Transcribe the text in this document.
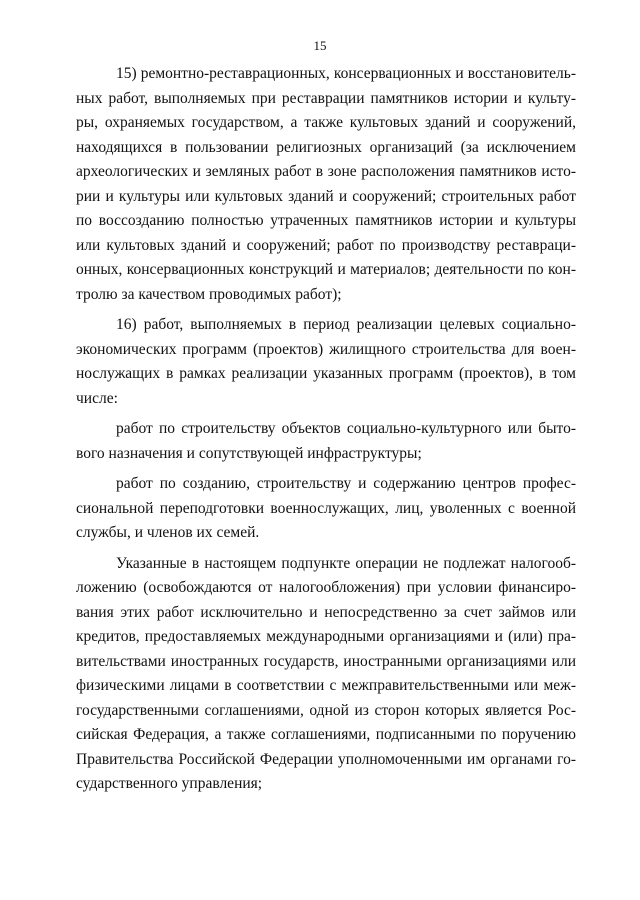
15

15) ремонтно-реставрационных, консервационных и восстановитель-
ных работ, выполняемых при реставрации памятников истории и культу-
ры, охраняемых государством, а также культовых зданий и сооружений,
находящихся в пользовании религиозных организаций (за исключением
археологических и земляных работ в зоне расположения памятников исто-
рии и культуры или культовых зданий и сооружений; строительных работ
по воссозданию полностью утраченных памятников истории и культуры
или культовых зданий и сооружений; работ по производству реставраци-
онных, консервационных конструкций и материалов; деятельности по кон-
тролю за качеством проводимых работ);

16) работ, выполняемых в период реализации целевых социально-
экономических программ (проектов) жилищного строительства для воен-
нослужащих в рамках реализации указанных программ (проектов), в том
числе:

работ по строительству объектов социально-культурного или быто-
вого назначения и сопутствующей инфраструктуры;

работ по созданию, строительству и содержанию центров профес-
сиональной переподготовки военнослужащих, лиц, уволенных с военной
службы, и членов их семей.

Указанные в настоящем подпункте операции не подлежат налогооб-
ложению (освобождаются от налогообложения) при условии финансиро-
вания этих работ исключительно и непосредственно за счет займов или
кредитов, предоставляемых международными организациями и (или) пра-
вительствами иностранных государств, иностранными организациями или
физическими лицами в соответствии с межправительственными или меж-
государственными соглашениями, одной из сторон которых является Рос-
сийская Федерация, а также соглашениями, подписанными по поручению
Правительства Российской Федерации уполномоченными им органами го-
сударственного управления;
